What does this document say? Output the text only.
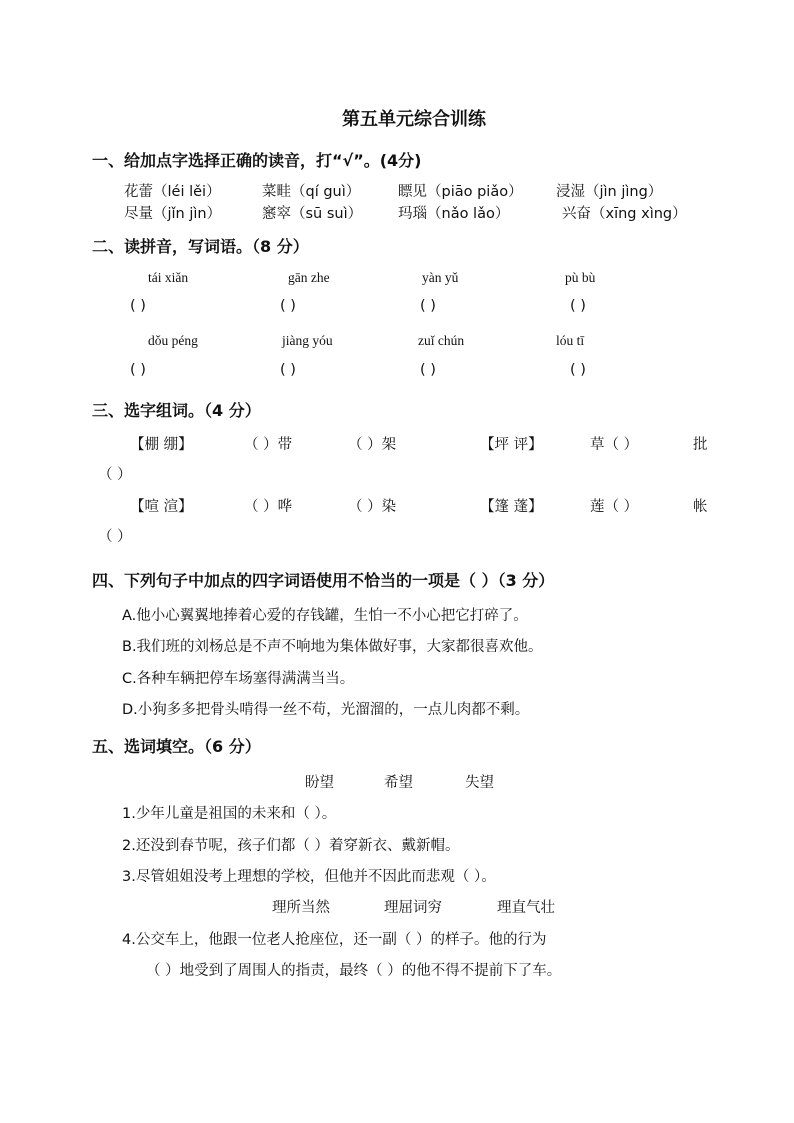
第五单元综合训练
一、给加点字选择正确的读音，打“√”。(4分)
花蕾（léi lěi）	菜畦（qí guì）	瞟见（piāo piǎo） 浸湿（jìn jìng）
尽量（jǐn jìn）	窸窣（sū suì） 玛瑙（nǎo lǎo）	兴奋（xīng xìng）
二、读拼音，写词语。（8 分）
tái xiǎn	gān zhe	yàn yǔ	pù bù
( )	( )	( )	( )
dǒu péng	jiàng yóu	zuǐ chún	lóu tī
( )	( )	( )	( )
三、选字组词。（4 分）
【棚 绷】	（ ）带	（ ）架	【坪 评】	草（ ）	批
（ ）
【喧 渲】	（ ）哗	（ ）染	【篷 蓬】	莲（ ）	帐
（ ）
四、下列句子中加点的四字词语使用不恰当的一项是（ ）（3 分）
A.他小心翼翼地捧着心爱的存钱罐，生怕一不小心把它打碎了。
B.我们班的刘杨总是不声不响地为集体做好事，大家都很喜欢他。
C.各种车辆把停车场塞得满满当当。
D.小狗多多把骨头啃得一丝不苟，光溜溜的，一点儿肉都不剩。
五、选词填空。（6 分）
盼望	希望	失望
1.少年儿童是祖国的未来和（ ）。
2.还没到春节呢，孩子们都（ ）着穿新衣、戴新帽。
3.尽管姐姐没考上理想的学校，但他并不因此而悲观（ ）。
理所当然	理屈词穷	理直气壮
4.公交车上，他跟一位老人抢座位，还一副（ ）的样子。他的行为
（ ）地受到了周围人的指责，最终（ ）的他不得不提前下了车。
